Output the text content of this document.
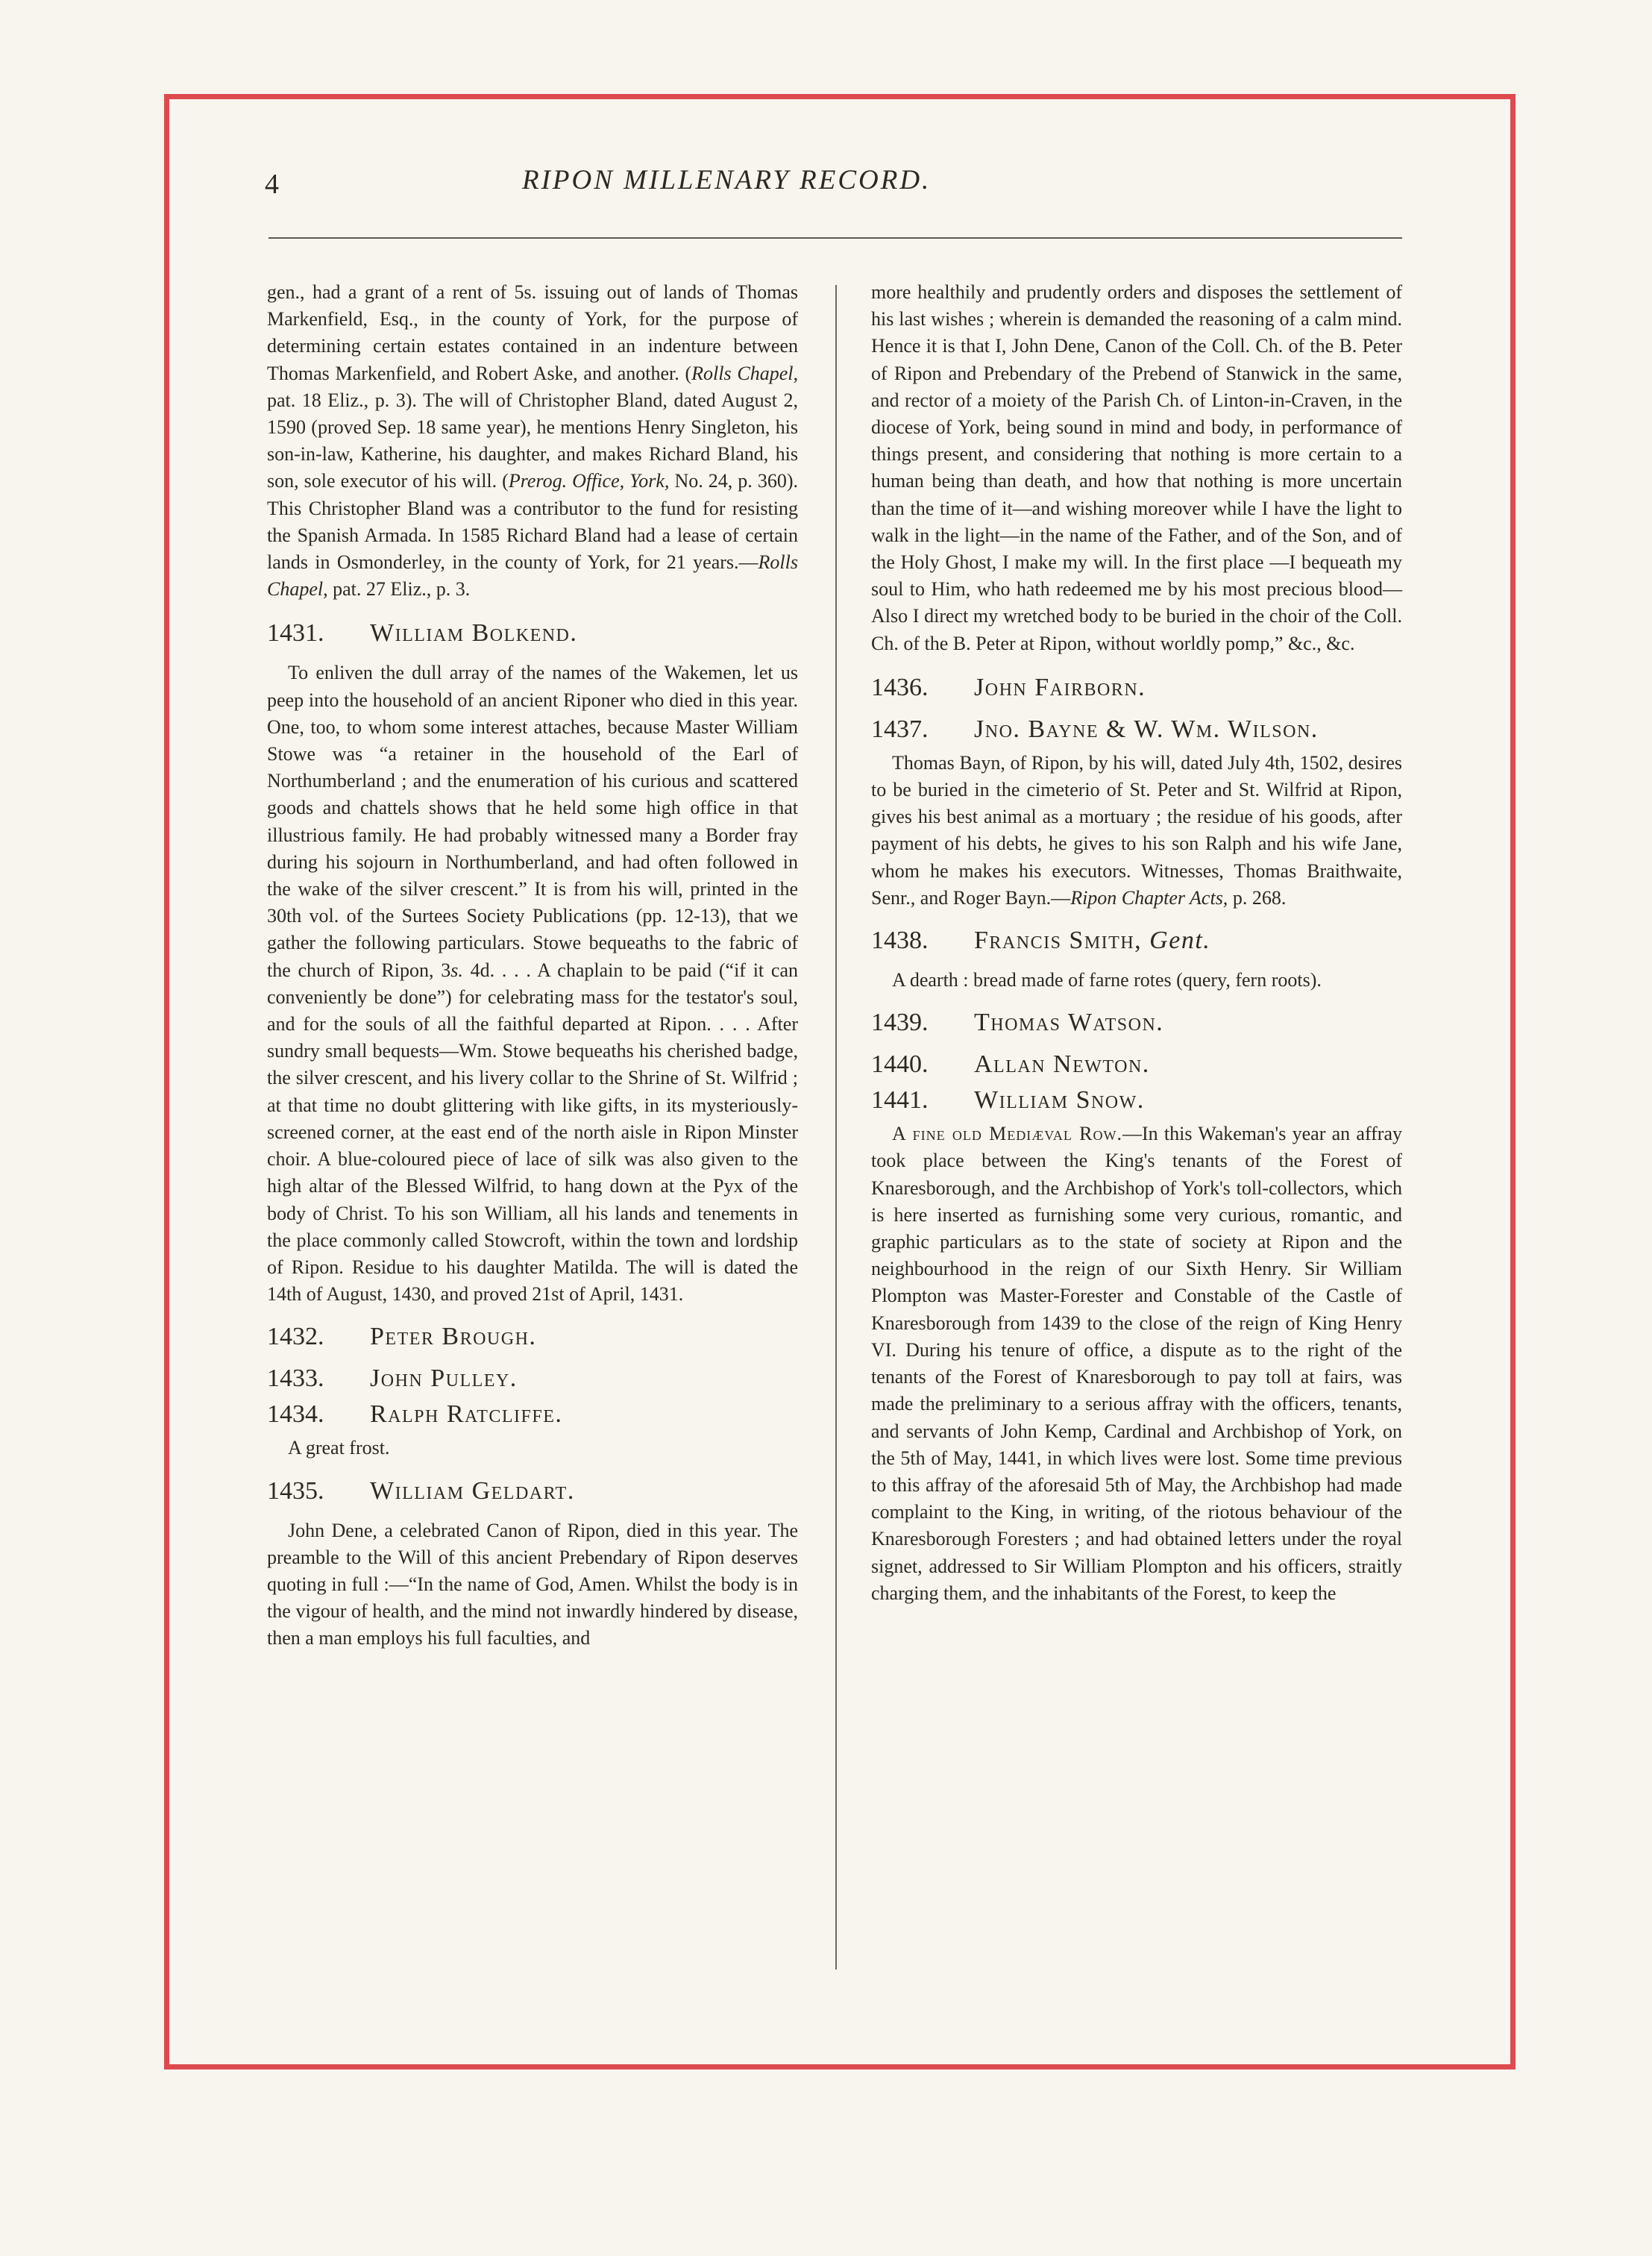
4	RIPON MILLENARY RECORD.

gen., had a grant of a rent of 5s. issuing out of lands of Thomas Markenfield, Esq., in the county of York, for the purpose of determining certain estates contained in an indenture between Thomas Markenfield, and Robert Aske, and another. (Rolls Chapel, pat. 18 Eliz., p. 3). The will of Christopher Bland, dated August 2, 1590 (proved Sep. 18 same year), he mentions Henry Singleton, his son-in-law, Katherine, his daughter, and makes Richard Bland, his son, sole executor of his will. (Prerog. Office, York, No. 24, p. 360). This Christopher Bland was a contributor to the fund for resisting the Spanish Armada. In 1585 Richard Bland had a lease of certain lands in Osmonderley, in the county of York, for 21 years.—Rolls Chapel, pat. 27 Eliz., p. 3.

1431.	William Bolkend.

To enliven the dull array of the names of the Wakemen, let us peep into the household of an ancient Riponer who died in this year. One, too, to whom some interest attaches, because Master William Stowe was “a retainer in the household of the Earl of Northumberland ; and the enumeration of his curious and scattered goods and chattels shows that he held some high office in that illustrious family. He had probably witnessed many a Border fray during his sojourn in Northumberland, and had often followed in the wake of the silver crescent.” It is from his will, printed in the 30th vol. of the Surtees Society Publications (pp. 12-13), that we gather the following particulars. Stowe bequeaths to the fabric of the church of Ripon, 3s. 4d. . . . A chaplain to be paid (“if it can conveniently be done”) for celebrating mass for the testator's soul, and for the souls of all the faithful departed at Ripon. . . . After sundry small bequests—Wm. Stowe bequeaths his cherished badge, the silver crescent, and his livery collar to the Shrine of St. Wilfrid ; at that time no doubt glittering with like gifts, in its mysteriously-screened corner, at the east end of the north aisle in Ripon Minster choir. A blue-coloured piece of lace of silk was also given to the high altar of the Blessed Wilfrid, to hang down at the Pyx of the body of Christ. To his son William, all his lands and tenements in the place commonly called Stowcroft, within the town and lordship of Ripon. Residue to his daughter Matilda. The will is dated the 14th of August, 1430, and proved 21st of April, 1431.

1432.	Peter Brough.
1433.	John Pulley.
1434.	Ralph Ratcliffe.

A great frost.

1435.	William Geldart.

John Dene, a celebrated Canon of Ripon, died in this year. The preamble to the Will of this ancient Prebendary of Ripon deserves quoting in full :—“In the name of God, Amen. Whilst the body is in the vigour of health, and the mind not inwardly hindered by disease, then a man employs his full faculties, and

more healthily and prudently orders and disposes the settlement of his last wishes ; wherein is demanded the reasoning of a calm mind. Hence it is that I, John Dene, Canon of the Coll. Ch. of the B. Peter of Ripon and Prebendary of the Prebend of Stanwick in the same, and rector of a moiety of the Parish Ch. of Linton-in-Craven, in the diocese of York, being sound in mind and body, in performance of things present, and considering that nothing is more certain to a human being than death, and how that nothing is more uncertain than the time of it—and wishing moreover while I have the light to walk in the light—in the name of the Father, and of the Son, and of the Holy Ghost, I make my will. In the first place —I bequeath my soul to Him, who hath redeemed me by his most precious blood—Also I direct my wretched body to be buried in the choir of the Coll. Ch. of the B. Peter at Ripon, without worldly pomp,” &c., &c.

1436.	John Fairborn.
1437.	Jno. Bayne & W. Wm. Wilson.

Thomas Bayn, of Ripon, by his will, dated July 4th, 1502, desires to be buried in the cimeterio of St. Peter and St. Wilfrid at Ripon, gives his best animal as a mortuary ; the residue of his goods, after payment of his debts, he gives to his son Ralph and his wife Jane, whom he makes his executors. Witnesses, Thomas Braithwaite, Senr., and Roger Bayn.—Ripon Chapter Acts, p. 268.

1438.	Francis Smith, Gent.

A dearth : bread made of farne rotes (query, fern roots).

1439.	Thomas Watson.
1440.	Allan Newton.
1441.	William Snow.

A fine old Mediæval Row.—In this Wakeman's year an affray took place between the King's tenants of the Forest of Knaresborough, and the Archbishop of York's toll-collectors, which is here inserted as furnishing some very curious, romantic, and graphic particulars as to the state of society at Ripon and the neighbourhood in the reign of our Sixth Henry. Sir William Plompton was Master-Forester and Constable of the Castle of Knaresborough from 1439 to the close of the reign of King Henry VI. During his tenure of office, a dispute as to the right of the tenants of the Forest of Knaresborough to pay toll at fairs, was made the preliminary to a serious affray with the officers, tenants, and servants of John Kemp, Cardinal and Archbishop of York, on the 5th of May, 1441, in which lives were lost. Some time previous to this affray of the aforesaid 5th of May, the Archbishop had made complaint to the King, in writing, of the riotous behaviour of the Knaresborough Foresters ; and had obtained letters under the royal signet, addressed to Sir William Plompton and his officers, straitly charging them, and the inhabitants of the Forest, to keep the
